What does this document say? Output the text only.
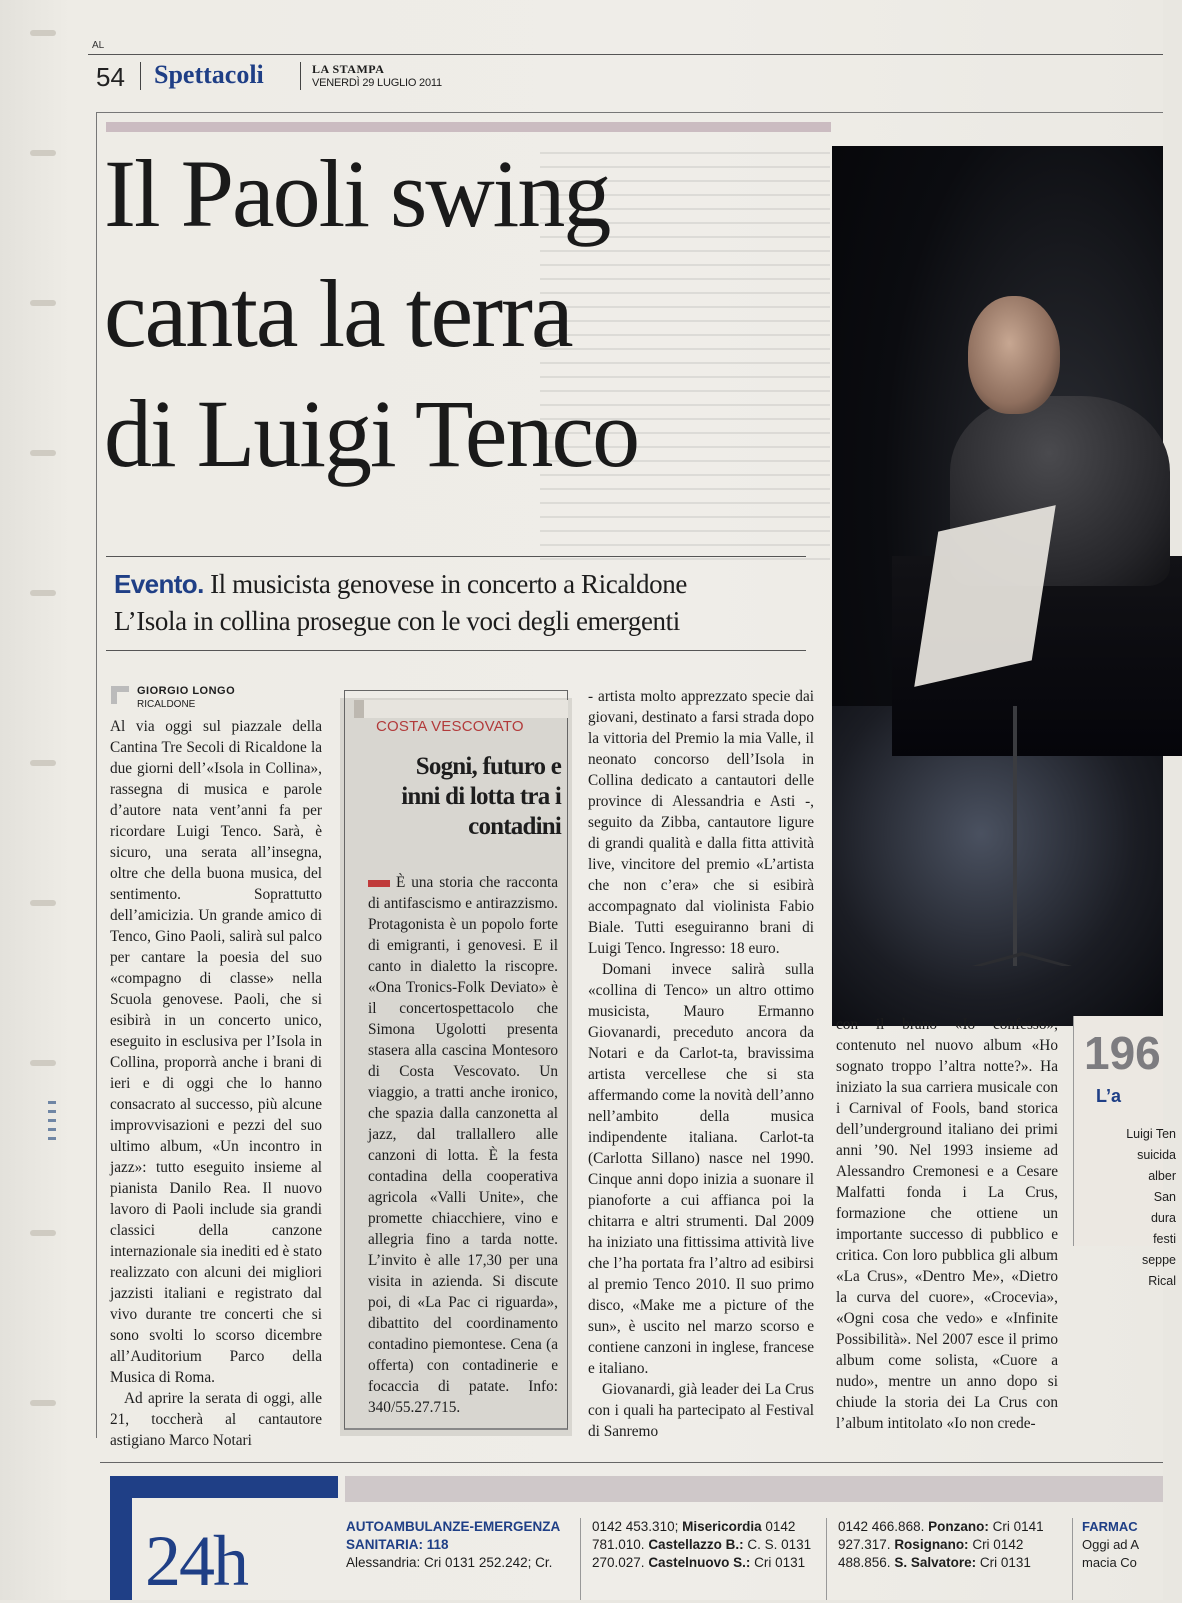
AL
54 Spettacoli	LA STAMPA
VENERDÌ 29 LUGLIO 2011
Il Paoli swing
canta la terra
di Luigi Tenco
Evento. Il musicista genovese in concerto a Ricaldone
L’Isola in collina prosegue con le voci degli emergenti
GIORGIO LONGO
RICALDONE

Al via oggi sul piazzale della Cantina Tre Secoli di Ricaldone la due giorni dell’«Isola in Collina», rassegna di musica e parole d’autore nata vent’anni fa per ricordare Luigi Tenco. Sarà, è sicuro, una serata all’insegna, oltre che della buona musica, del sentimento. Soprattutto dell’amicizia. Un grande amico di Tenco, Gino Paoli, salirà sul palco per cantare la poesia del suo «compagno di classe» nella Scuola genovese. Paoli, che si esibirà in un concerto unico, eseguito in esclusiva per l’Isola in Collina, proporrà anche i brani di ieri e di oggi che lo hanno consacrato al successo, più alcune improvvisazioni e pezzi del suo ultimo album, «Un incontro in jazz»: tutto eseguito insieme al pianista Danilo Rea. Il nuovo lavoro di Paoli include sia grandi classici della canzone internazionale sia inediti ed è stato realizzato con alcuni dei migliori jazzisti italiani e registrato dal vivo durante tre concerti che si sono svolti lo scorso dicembre all’Auditorium Parco della Musica di Roma.

Ad aprire la serata di oggi, alle 21, toccherà al cantautore astigiano Marco Notari

COSTA VESCOVATO
Sogni, futuro e inni di lotta tra i contadini
È una storia che racconta di antifascismo e antirazzismo. Protagonista è un popolo forte di emigranti, i genovesi. E il canto in dialetto la riscopre. «Ona Tronics-Folk Deviato» è il concertospettacolo che Simona Ugolotti presenta stasera alla cascina Montesoro di Costa Vescovato. Un viaggio, a tratti anche ironico, che spazia dalla canzonetta al jazz, dal trallallero alle canzoni di lotta. È la festa contadina della cooperativa agricola «Valli Unite», che promette chiacchiere, vino e allegria fino a tarda notte. L’invito è alle 17,30 per una visita in azienda. Si discute poi, di «La Pac ci riguarda», dibattito del coordinamento contadino piemontese. Cena (a offerta) con contadinerie e focaccia di patate. Info: 340/55.27.715.

- artista molto apprezzato specie dai giovani, destinato a farsi strada dopo la vittoria del Premio la mia Valle, il neonato concorso dell’Isola in Collina dedicato a cantautori delle province di Alessandria e Asti -, seguito da Zibba, cantautore ligure di grandi qualità e dalla fitta attività live, vincitore del premio «L’artista che non c’era» che si esibirà accompagnato dal violinista Fabio Biale. Tutti eseguiranno brani di Luigi Tenco. Ingresso: 18 euro.

Domani invece salirà sulla «collina di Tenco» un altro ottimo musicista, Mauro Ermanno Giovanardi, preceduto ancora da Notari e da Carlot-ta, bravissima artista vercellese che si sta affermando come la novità dell’anno nell’ambito della musica indipendente italiana. Carlot-ta (Carlotta Sillano) nasce nel 1990. Cinque anni dopo inizia a suonare il pianoforte a cui affianca poi la chitarra e altri strumenti. Dal 2009 ha iniziato una fittissima attività live che l’ha portata fra l’altro ad esibirsi al premio Tenco 2010. Il suo primo disco, «Make me a picture of the sun», è uscito nel marzo scorso e contiene canzoni in inglese, francese e italiano.

Giovanardi, già leader dei La Crus con i quali ha partecipato al Festival di Sanremo

con il brano «Io confesso», contenuto nel nuovo album «Ho sognato troppo l’altra notte?». Ha iniziato la sua carriera musicale con i Carnival of Fools, band storica dell’underground italiano dei primi anni ’90. Nel 1993 insieme ad Alessandro Cremonesi e a Cesare Malfatti fonda i La Crus, formazione che ottiene un importante successo di pubblico e critica. Con loro pubblica gli album «La Crus», «Dentro Me», «Dietro la curva del cuore», «Crocevia», «Ogni cosa che vedo» e «Infinite Possibilità». Nel 2007 esce il primo album come solista, «Cuore a nudo», mentre un anno dopo si chiude la storia dei La Crus con l’album intitolato «Io non crede-

196
L’a
Luigi Ten
suicida
alber
San
dura
festi
seppe
Rical
24h	AUTOAMBULANZE-EMERGENZA SANITARIA: 118
Alessandria: Cri 0131 252.242; Cr.
0142 453.310; Misericordia 0142
781.010. Castellazzo B.: C. S. 0131
270.027. Castelnuovo S.: Cri 0131
0142 466.868. Ponzano: Cri 0141
927.317. Rosignano: Cri 0142
488.856. S. Salvatore: Cri 0131
FARMAC
Oggi ad A
macia Co
